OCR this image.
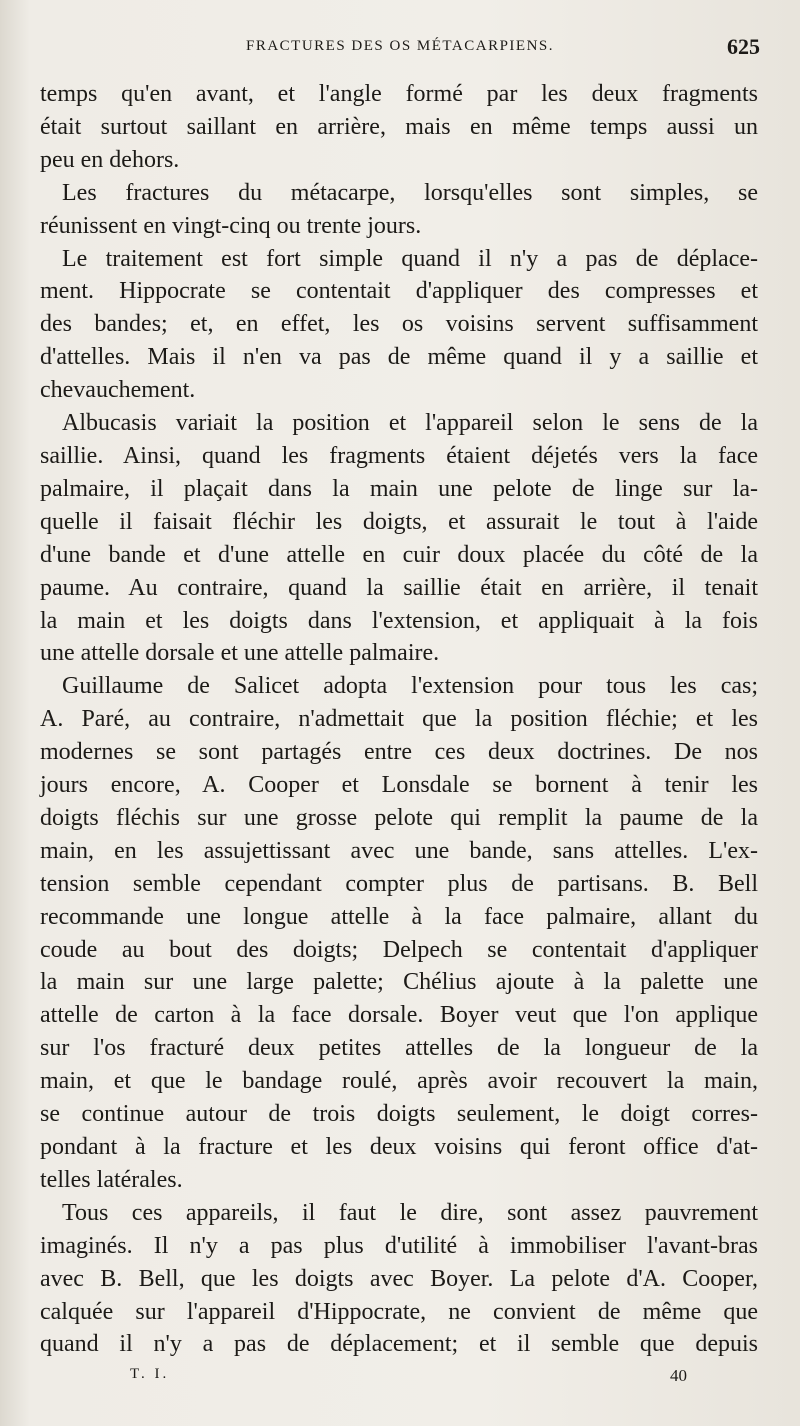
FRACTURES DES OS MÉTACARPIENS.	625

temps qu'en avant, et l'angle formé par les deux fragments
était surtout saillant en arrière, mais en même temps aussi un
peu en dehors.

Les fractures du métacarpe, lorsqu'elles sont simples, se
réunissent en vingt-cinq ou trente jours.

Le traitement est fort simple quand il n'y a pas de déplace-
ment. Hippocrate se contentait d'appliquer des compresses et
des bandes; et, en effet, les os voisins servent suffisamment
d'attelles. Mais il n'en va pas de même quand il y a saillie et
chevauchement.

Albucasis variait la position et l'appareil selon le sens de la
saillie. Ainsi, quand les fragments étaient déjetés vers la face
palmaire, il plaçait dans la main une pelote de linge sur la-
quelle il faisait fléchir les doigts, et assurait le tout à l'aide
d'une bande et d'une attelle en cuir doux placée du côté de la
paume. Au contraire, quand la saillie était en arrière, il tenait
la main et les doigts dans l'extension, et appliquait à la fois
une attelle dorsale et une attelle palmaire.

Guillaume de Salicet adopta l'extension pour tous les cas;
A. Paré, au contraire, n'admettait que la position fléchie; et les
modernes se sont partagés entre ces deux doctrines. De nos
jours encore, A. Cooper et Lonsdale se bornent à tenir les
doigts fléchis sur une grosse pelote qui remplit la paume de la
main, en les assujettissant avec une bande, sans attelles. L'ex-
tension semble cependant compter plus de partisans. B. Bell
recommande une longue attelle à la face palmaire, allant du
coude au bout des doigts; Delpech se contentait d'appliquer
la main sur une large palette; Chélius ajoute à la palette une
attelle de carton à la face dorsale. Boyer veut que l'on applique
sur l'os fracturé deux petites attelles de la longueur de la
main, et que le bandage roulé, après avoir recouvert la main,
se continue autour de trois doigts seulement, le doigt corres-
pondant à la fracture et les deux voisins qui feront office d'at-
telles latérales.

Tous ces appareils, il faut le dire, sont assez pauvrement
imaginés. Il n'y a pas plus d'utilité à immobiliser l'avant-bras
avec B. Bell, que les doigts avec Boyer. La pelote d'A. Cooper,
calquée sur l'appareil d'Hippocrate, ne convient de même que
quand il n'y a pas de déplacement; et il semble que depuis

T. I.	40
